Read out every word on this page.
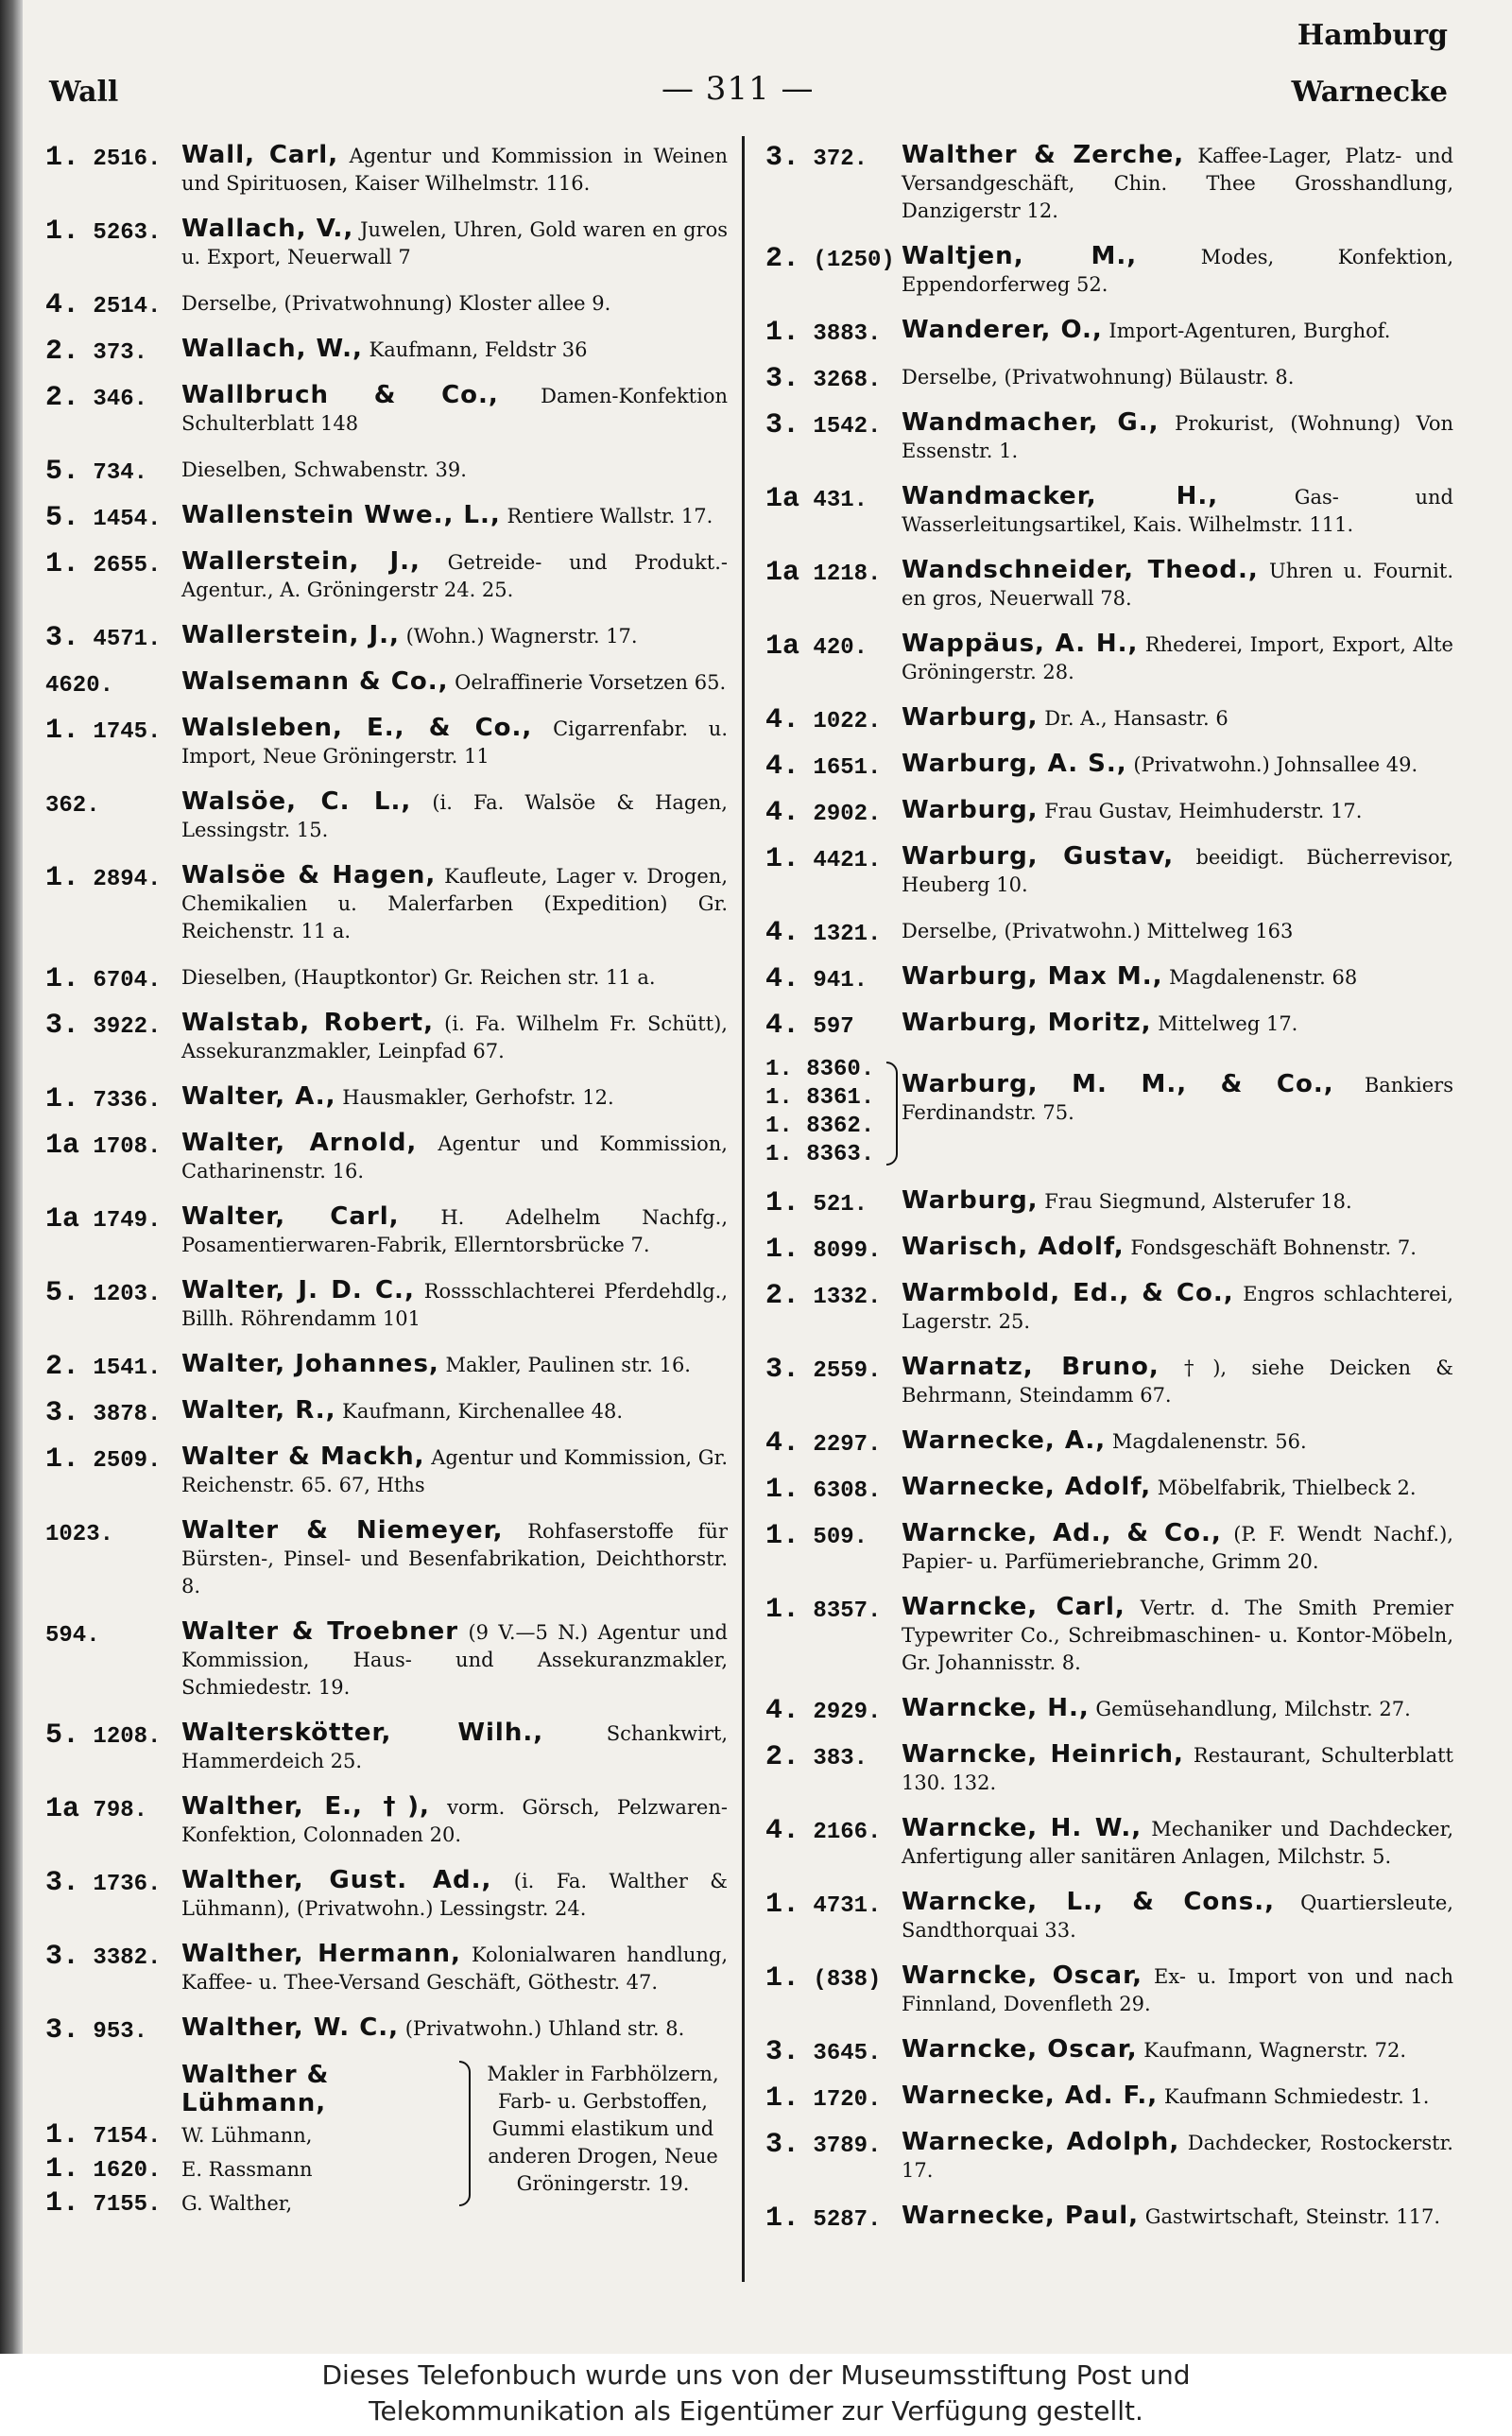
Hamburg
Wall	— 311 —	Warnecke
1. 2516. Wall, Carl, Agentur und Kommission in Weinen und Spirituosen, Kaiser Wilhelmstr. 116.
1. 5263. Wallach, V., Juwelen, Uhren, Gold waren en gros u. Export, Neuerwall 7
4. 2514.	Derselbe, (Privatwohnung) Kloster allee 9.
2. 373.	Wallach, W., Kaufmann, Feldstr 36
2. 346.	Wallbruch & Co., Damen-Konfektion Schulterblatt 148
5. 734.	Dieselben, Schwabenstr. 39.
5. 1454. Wallenstein Wwe., L., Rentiere Wallstr. 17.
1. 2655. Wallerstein, J., Getreide- und Produkt.-Agentur., A. Gröningerstr 24. 25.
3. 4571. Wallerstein, J., (Wohn.) Wagnerstr. 17.
4620.	Walsemann & Co., Oelraffinerie Vorsetzen 65.
1. 1745. Walsleben, E., & Co., Cigarrenfabr. u. Import, Neue Gröningerstr. 11
362.	Walsöe, C. L., (i. Fa. Walsöe & Hagen, Lessingstr. 15.
1. 2894. Walsöe & Hagen, Kaufleute, Lager v. Drogen, Chemikalien u. Malerfarben (Expedition) Gr. Reichenstr. 11 a.
1. 6704.	Dieselben, (Hauptkontor) Gr. Reichen str. 11 a.
3. 3922. Walstab, Robert, (i. Fa. Wilhelm Fr. Schütt), Assekuranzmakler, Leinpfad 67.
1. 7336. Walter, A., Hausmakler, Gerhofstr. 12.
1a 1708. Walter, Arnold, Agentur und Kommission, Catharinenstr. 16.
1a 1749. Walter, Carl, H. Adelhelm Nachfg., Posamentierwaren-Fabrik, Ellerntorsbrücke 7.
5. 1203. Walter, J. D. C., Rossschlachterei Pferdehdlg., Billh. Röhrendamm 101
2. 1541. Walter, Johannes, Makler, Paulinen str. 16.
3. 3878. Walter, R., Kaufmann, Kirchenallee 48.
1. 2509. Walter & Mackh, Agentur und Kommission, Gr. Reichenstr. 65. 67, Hths
1023.	Walter & Niemeyer, Rohfaserstoffe für Bürsten-, Pinsel- und Besenfabrikation, Deichthorstr. 8.
594.	Walter & Troebner (9 V.—5 N.) Agentur und Kommission, Haus- und Assekuranzmakler, Schmiedestr. 19.
5. 1208. Walterskötter, Wilh.,	Schankwirt, Hammerdeich 25.
1a 798.	Walther, E., †), vorm. Görsch, Pelzwaren-Konfektion, Colonnaden 20.
3. 1736. Walther, Gust. Ad., (i. Fa. Walther & Lühmann), (Privatwohn.) Lessingstr. 24.
3. 3382. Walther, Hermann, Kolonialwaren handlung, Kaffee- u. Thee-Versand Geschäft, Göthestr. 47.
3. 953.	Walther, W. C., (Privatwohn.) Uhland str. 8.
Walther & Lühmann,
1. 7154. W. Lühmann,
1. 1620. E. Rassmann
1. 7155. G. Walther,
Makler in Farbhölzern, Farb- u. Gerbstoffen, Gummi elastikum und anderen Drogen, Neue Gröningerstr. 19.
3. 372.	Walther & Zerche, Kaffee-Lager, Platz- und Versandgeschäft, Chin. Thee Grosshandlung, Danzigerstr 12.
2. (1250) Waltjen, M.,	Modes, Konfektion, Eppendorferweg 52.
1. 3883. Wanderer, O., Import-Agenturen, Burghof.
3. 3268.	Derselbe, (Privatwohnung) Bülaustr. 8.
3. 1542. Wandmacher, G., Prokurist, (Wohnung) Von Essenstr. 1.
1a 431.	Wandmacker, H.,	Gas- und Wasserleitungsartikel, Kais. Wilhelmstr. 111.
1a 1218. Wandschneider, Theod., Uhren u. Fournit. en gros, Neuerwall 78.
1a 420.	Wappäus, A. H., Rhederei, Import, Export, Alte Gröningerstr. 28.
4. 1022. Warburg, Dr. A., Hansastr. 6
4. 1651. Warburg, A. S., (Privatwohn.) Johnsallee 49.
4. 2902. Warburg, Frau Gustav, Heimhuderstr. 17.
1. 4421. Warburg, Gustav, beeidigt. Bücherrevisor, Heuberg 10.
4. 1321.	Derselbe, (Privatwohn.) Mittelweg 163
4. 941.	Warburg, Max M., Magdalenenstr. 68
4. 597	Warburg, Moritz, Mittelweg 17.
1. 8360.
1. 8361.
1. 8362.
1. 8363.
Warburg, M. M., & Co., Bankiers Ferdinandstr. 75.
1. 521.	Warburg, Frau Siegmund, Alsterufer 18.
1. 8099. Warisch, Adolf, Fondsgeschäft Bohnenstr. 7.
2. 1332. Warmbold, Ed., & Co., Engros schlachterei, Lagerstr. 25.
3. 2559. Warnatz, Bruno, †), siehe Deicken & Behrmann, Steindamm 67.
4. 2297. Warnecke, A., Magdalenenstr. 56.
1. 6308. Warnecke, Adolf, Möbelfabrik, Thielbeck 2.
1. 509.	Warncke, Ad., & Co., (P. F. Wendt Nachf.), Papier- u. Parfümeriebranche, Grimm 20.
1. 8357. Warncke, Carl, Vertr. d. The Smith Premier Typewriter Co., Schreibmaschinen- u. Kontor-Möbeln, Gr. Johannisstr. 8.
4. 2929. Warncke, H., Gemüsehandlung, Milchstr. 27.
2. 383.	Warncke, Heinrich, Restaurant, Schulterblatt 130. 132.
4. 2166. Warncke, H. W., Mechaniker und Dachdecker, Anfertigung aller sanitären Anlagen, Milchstr. 5.
1. 4731. Warncke, L., & Cons., Quartiersleute, Sandthorquai 33.
1. (838) Warncke, Oscar, Ex- u. Import von und nach Finnland, Dovenfleth 29.
3. 3645. Warncke, Oscar, Kaufmann, Wagnerstr. 72.
1. 1720. Warnecke, Ad. F., Kaufmann Schmiedestr. 1.
3. 3789. Warnecke, Adolph, Dachdecker, Rostockerstr. 17.
1. 5287. Warnecke, Paul, Gastwirtschaft, Steinstr. 117.
Dieses Telefonbuch wurde uns von der Museumsstiftung Post und
Telekommunikation als Eigentümer zur Verfügung gestellt.
